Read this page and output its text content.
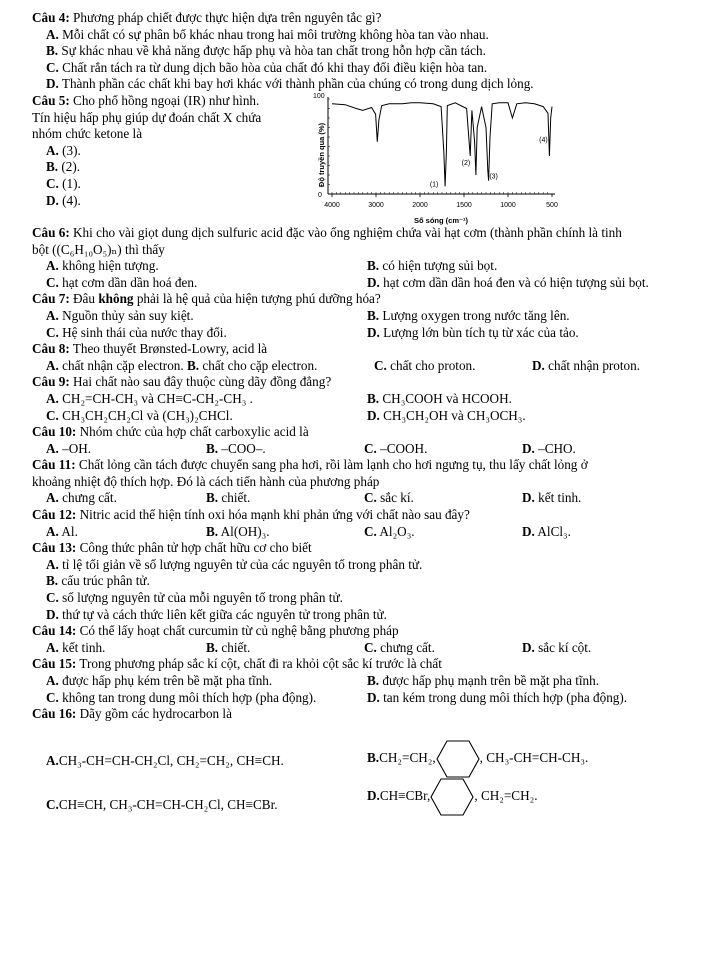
Câu 4: Phương pháp chiết được thực hiện dựa trên nguyên tắc gì?
A. Mỗi chất có sự phân bố khác nhau trong hai môi trường không hòa tan vào nhau.
B. Sự khác nhau về khả năng được hấp phụ và hòa tan chất trong hỗn hợp cần tách.
C. Chất rắn tách ra từ dung dịch bão hòa của chất đó khi thay đổi điều kiện hòa tan.
D. Thành phần các chất khi bay hơi khác với thành phần của chúng có trong dung dịch lỏng.
Câu 5: Cho phổ hồng ngoại (IR) như hình.
Tín hiệu hấp phụ giúp dự đoán chất X chứa
nhóm chức ketone là
A. (3).
B. (2).
C. (1).
D. (4).
100
0
Độ truyền qua (%)
4000	3000	2000	1500	1000	500
Số sóng (cm⁻¹)
(1)
(2)
(3)
(4)
Câu 6: Khi cho vài giọt dung dịch sulfuric acid đặc vào ống nghiệm chứa vài hạt cơm (thành phần chính là tinh
bột ((C₆H₁₀O₅)ₙ) thì thấy
A. không hiện tượng.	B. có hiện tượng sủi bọt.
C. hạt cơm dần dần hoá đen.	D. hạt cơm dần dần hoá đen và có hiện tượng sủi bọt.
Câu 7: Đâu không phải là hệ quả của hiện tượng phú dưỡng hóa?
A. Nguồn thủy sản suy kiệt.	B. Lượng oxygen trong nước tăng lên.
C. Hệ sinh thái của nước thay đổi.	D. Lượng lớn bùn tích tụ từ xác của tảo.
Câu 8: Theo thuyết Brønsted-Lowry, acid là
A. chất nhận cặp electron. B. chất cho cặp electron.	C. chất cho proton.	D. chất nhận proton.
Câu 9: Hai chất nào sau đây thuộc cùng dãy đồng đẳng?
A. CH₂=CH-CH₃ và CH≡C-CH₂-CH₃ .	B. CH₃COOH và HCOOH.
C. CH₃CH₂CH₂Cl và (CH₃)₂CHCl.	D. CH₃CH₂OH và CH₃OCH₃.
Câu 10: Nhóm chức của hợp chất carboxylic acid là
A. –OH.	B. –COO–.	C. –COOH.	D. –CHO.
Câu 11: Chất lỏng cần tách được chuyển sang pha hơi, rồi làm lạnh cho hơi ngưng tụ, thu lấy chất lỏng ở
khoảng nhiệt độ thích hợp. Đó là cách tiến hành của phương pháp
A. chưng cất.	B. chiết.	C. sắc kí.	D. kết tinh.
Câu 12: Nitric acid thể hiện tính oxi hóa mạnh khi phản ứng với chất nào sau đây?
A. Al.	B. Al(OH)₃.	C. Al₂O₃.	D. AlCl₃.
Câu 13: Công thức phân tử hợp chất hữu cơ cho biết
A. tỉ lệ tối giản về số lượng nguyên tử của các nguyên tố trong phân tử.
B. cấu trúc phân tử.
C. số lượng nguyên tử của mỗi nguyên tố trong phân tử.
D. thứ tự và cách thức liên kết giữa các nguyên tử trong phân tử.
Câu 14: Có thể lấy hoạt chất curcumin từ củ nghệ bằng phương pháp
A. kết tinh.	B. chiết.	C. chưng cất.	D. sắc kí cột.
Câu 15: Trong phương pháp sắc kí cột, chất đi ra khỏi cột sắc kí trước là chất
A. được hấp phụ kém trên bề mặt pha tĩnh.	B. được hấp phụ mạnh trên bề mặt pha tĩnh.
C. không tan trong dung môi thích hợp (pha động).	D. tan kém trong dung môi thích hợp (pha động).
Câu 16: Dãy gồm các hydrocarbon là
A. CH₃-CH=CH-CH₂Cl, CH₂=CH₂, CH≡CH.	B. CH₂=CH₂,	, CH₃-CH=CH-CH₃.
C. CH≡CH, CH₃-CH=CH-CH₂Cl, CH≡CBr.
D. CH≡CBr,	, CH₂=CH₂.
